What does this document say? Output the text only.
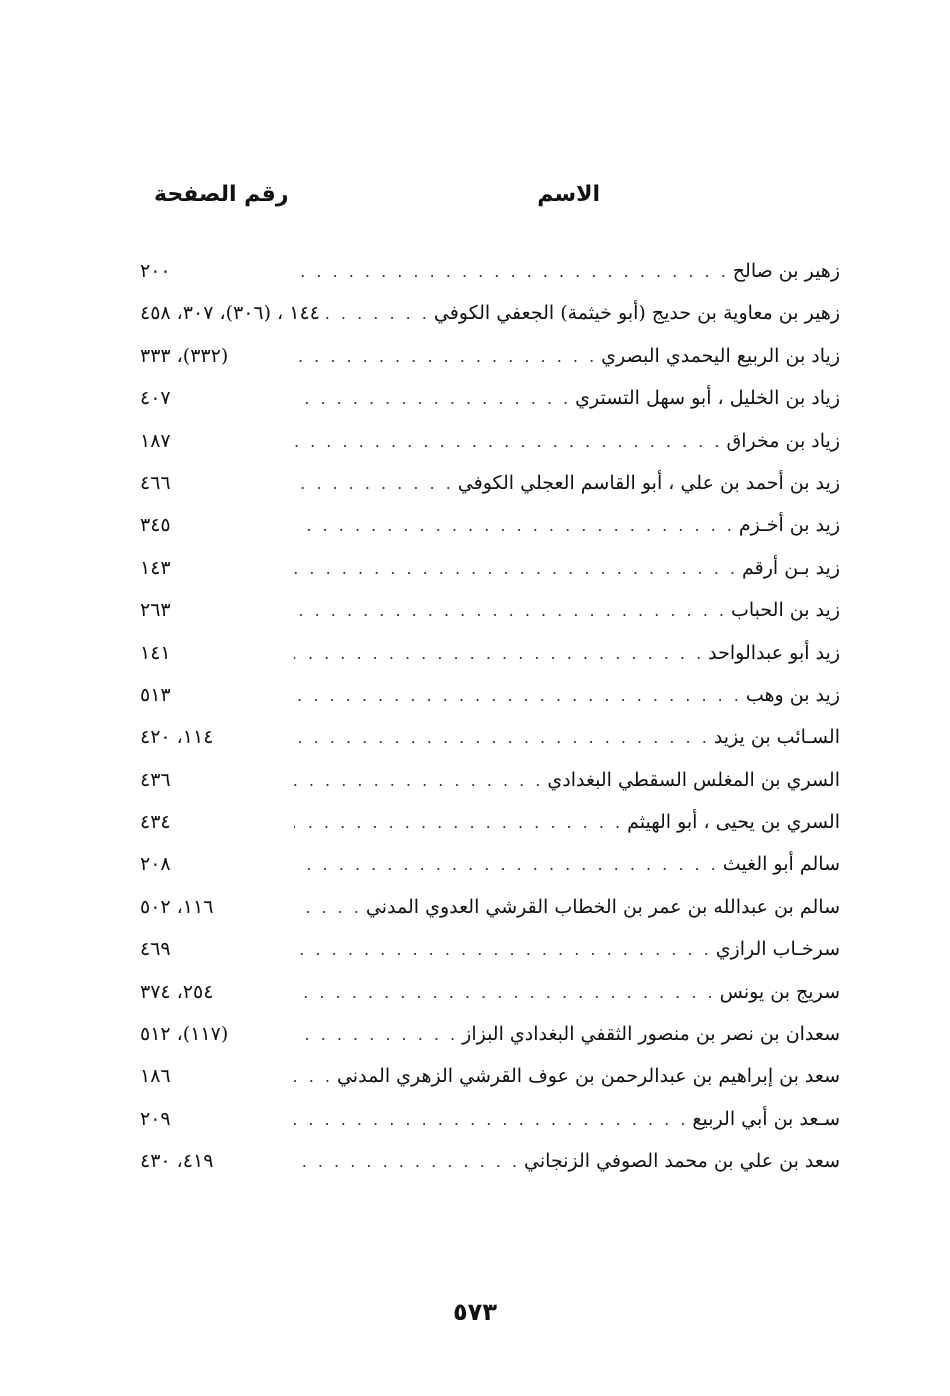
الاسم
رقم الصفحة
زهير بن صالح
. . .
٢٠٠
زهير بن معاوية بن حديج (أبو خيثمة) الجعفي الكوفي
. . .
١٤٤ ، (٣٠٦)، ٣٠٧، ٤٥٨
زياد بن الربيع اليحمدي البصري
. . .
(٣٣٢)، ٣٣٣
زياد بن الخليل ، أبو سهل التستري
. . .
٤٠٧
زياد بن مخراق
. . .
١٨٧
زيد بن أحمد بن علي ، أبو القاسم العجلي الكوفي
. . .
٤٦٦
زيد بن أخـزم
. . .
٣٤٥
زيد بـن أرقم
. . .
١٤٣
زيد بن الحباب
. . .
٢٦٣
زيد أبو عبدالواحد
. . .
١٤١
زيد بن وهب
. . .
٥١٣
السـائب بن يزيد
. . .
١١٤، ٤٢٠
السري بن المغلس السقطي البغدادي
. . .
٤٣٦
السري بن يحيى ، أبو الهيثم
. . .
٤٣٤
سالم أبو الغيث
. . .
٢٠٨
سالم بن عبدالله بن عمر بن الخطاب القرشي العدوي المدني
. . .
١١٦، ٥٠٢
سرخـاب الرازي
. . .
٤٦٩
سريج بن يونس
. . .
٢٥٤، ٣٧٤
سعدان بن نصر بن منصور الثقفي البغدادي البزاز
. . .
(١١٧)، ٥١٢
سعد بن إبراهيم بن عبدالرحمن بن عوف القرشي الزهري المدني
. . .
١٨٦
سـعد بن أبي الربيع
. . .
٢٠٩
سعد بن علي بن محمد الصوفي الزنجاني
. . .
٤١٩، ٤٣٠
٥٧٣
